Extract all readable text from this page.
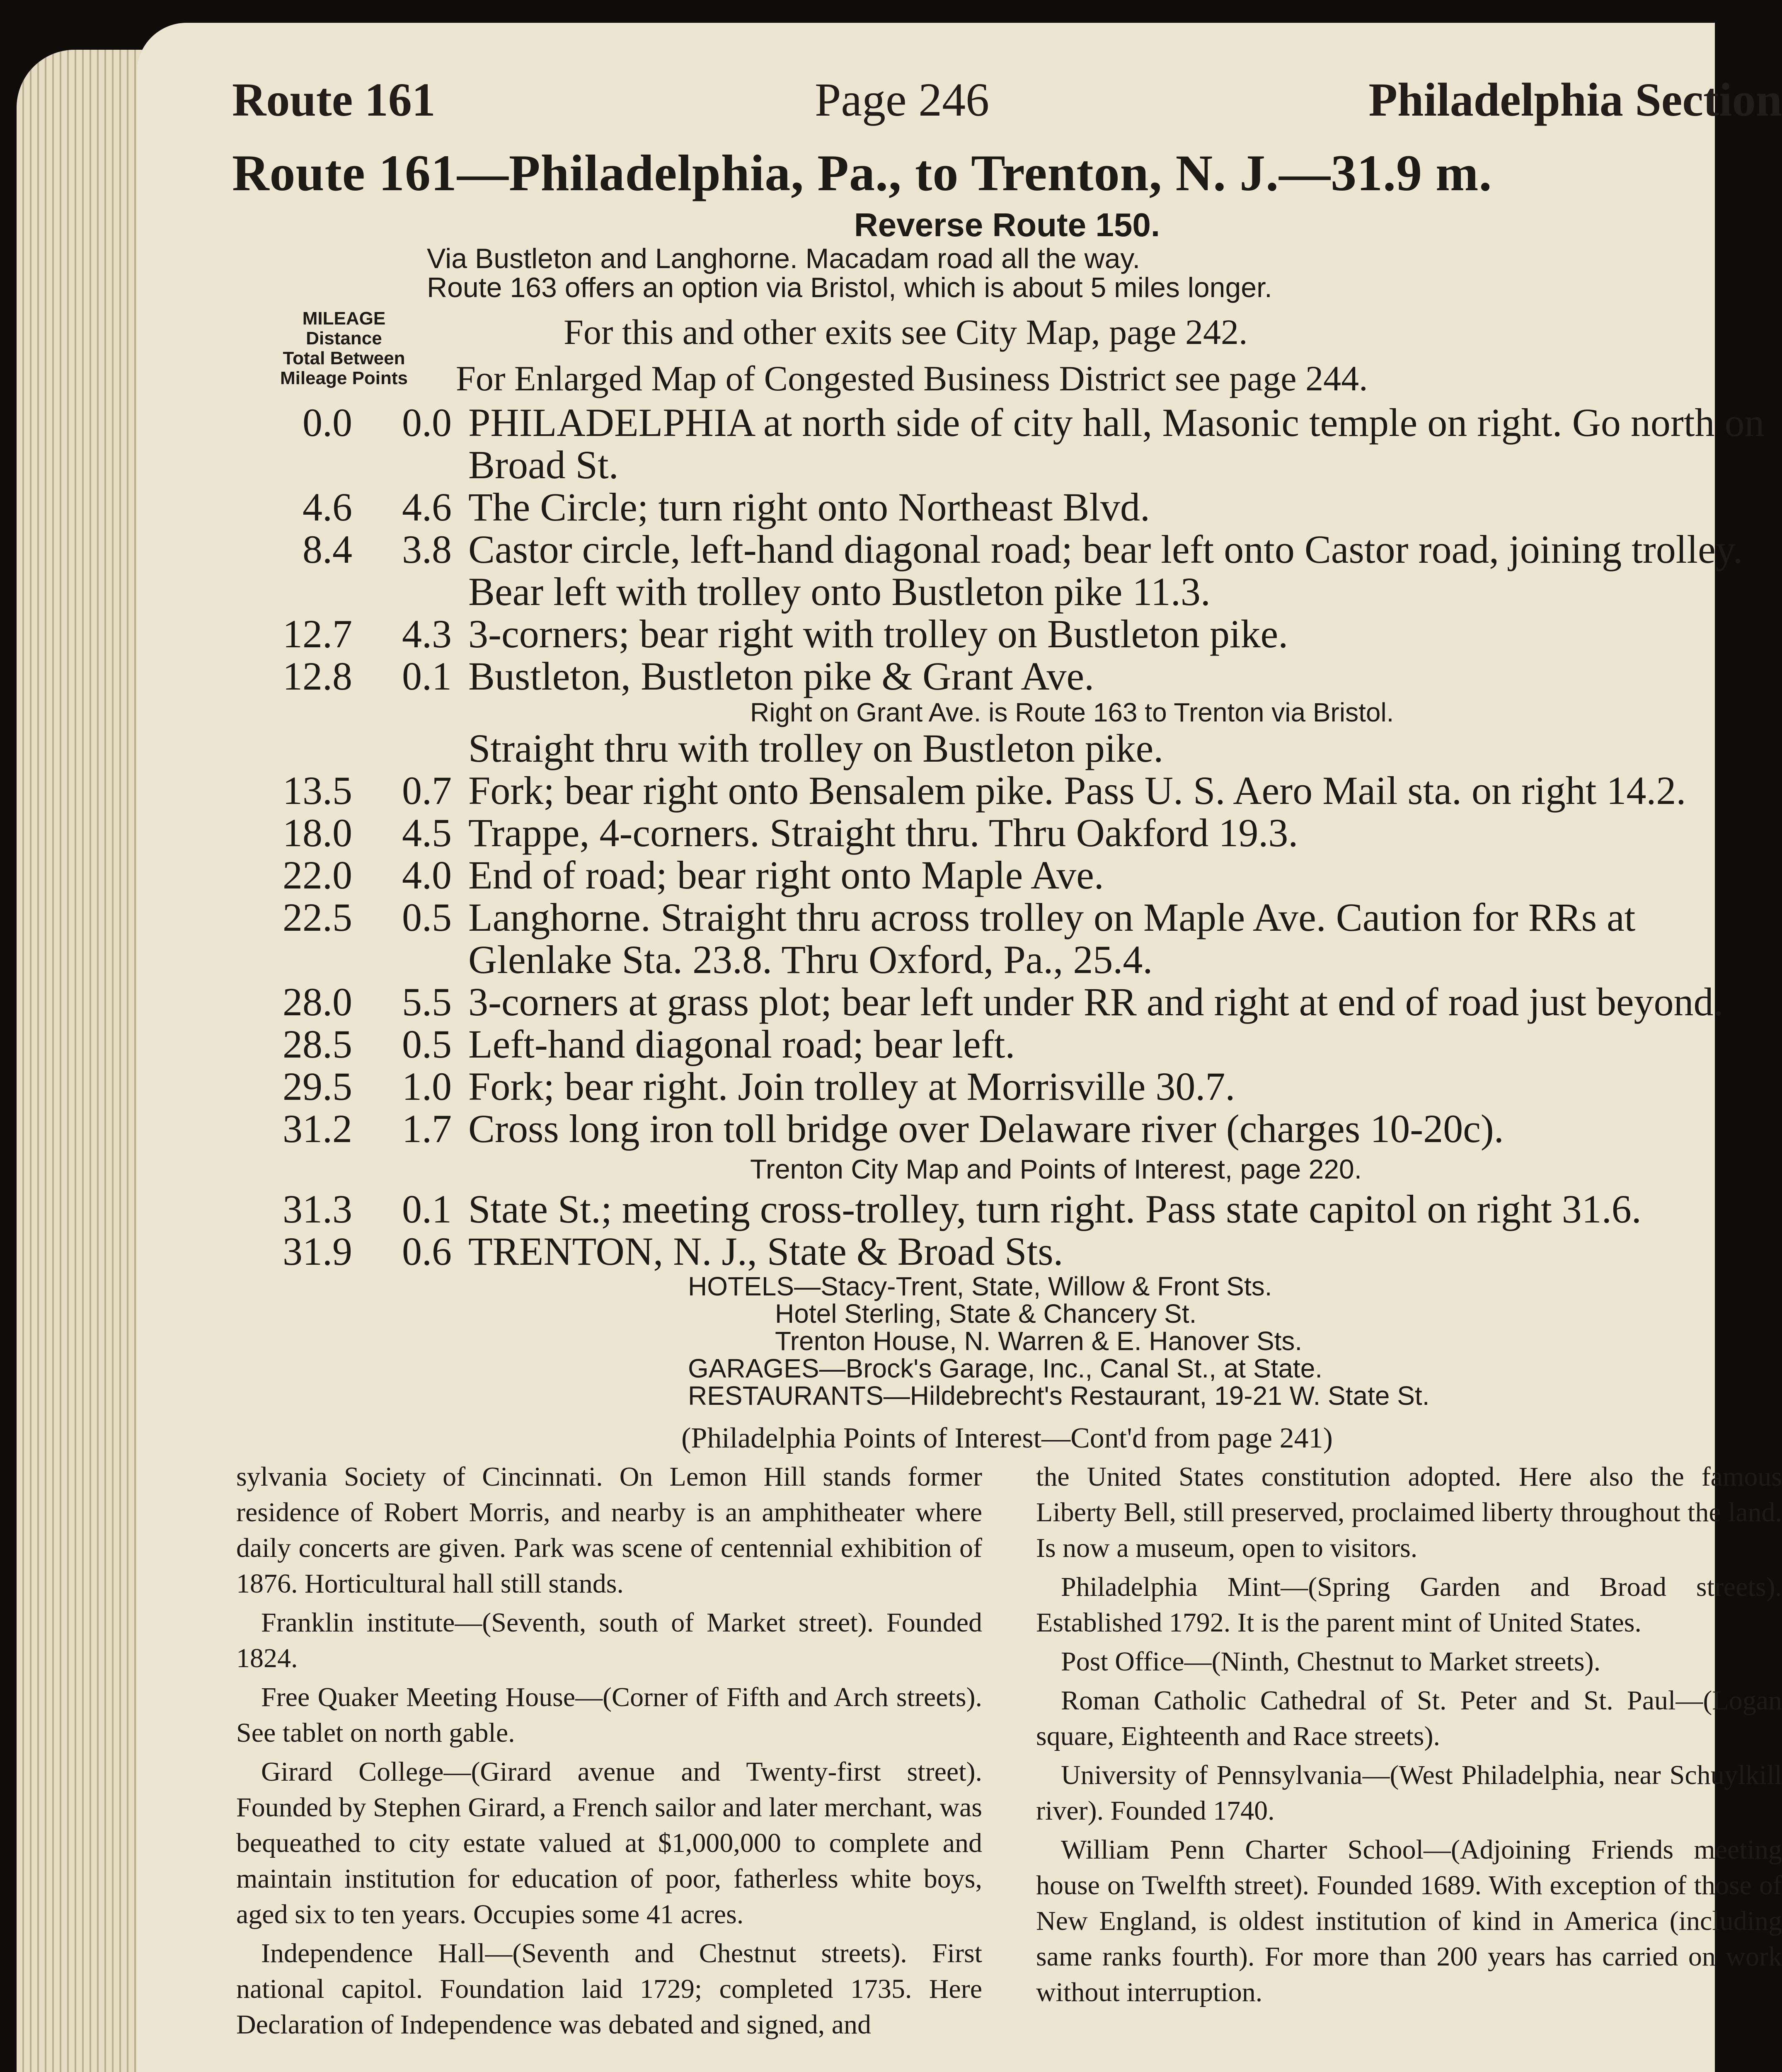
Route 161	Page 246	Philadelphia Section
Route 161—Philadelphia, Pa., to Trenton, N. J.—31.9 m.
Reverse Route 150.
Via Bustleton and Langhorne. Macadam road all the way.
Route 163 offers an option via Bristol, which is about 5 miles longer.
MILEAGE
Distance
Total Between
Mileage Points
For this and other exits see City Map, page 242.
For Enlarged Map of Congested Business District see page 244.
0.0	0.0 PHILADELPHIA at north side of city hall, Masonic temple on right. Go north on Broad St.
4.6	4.6 The Circle; turn right onto Northeast Blvd.
8.4	3.8 Castor circle, left-hand diagonal road; bear left onto Castor road, joining trolley. Bear left with trolley onto Bustleton pike 11.3.
12.7	4.3 3-corners; bear right with trolley on Bustleton pike.
12.8	0.1 Bustleton, Bustleton pike & Grant Ave.
Right on Grant Ave. is Route 163 to Trenton via Bristol.
Straight thru with trolley on Bustleton pike.
13.5	0.7 Fork; bear right onto Bensalem pike. Pass U. S. Aero Mail sta. on right 14.2.
18.0	4.5 Trappe, 4-corners. Straight thru. Thru Oakford 19.3.
22.0	4.0 End of road; bear right onto Maple Ave.
22.5	0.5 Langhorne. Straight thru across trolley on Maple Ave. Caution for RRs at Glenlake Sta. 23.8. Thru Oxford, Pa., 25.4.
28.0	5.5 3-corners at grass plot; bear left under RR and right at end of road just beyond.
28.5	0.5 Left-hand diagonal road; bear left.
29.5	1.0 Fork; bear right. Join trolley at Morrisville 30.7.
31.2	1.7 Cross long iron toll bridge over Delaware river (charges 10-20c).
Trenton City Map and Points of Interest, page 220.
31.3	0.1 State St.; meeting cross-trolley, turn right. Pass state capitol on right 31.6.
31.9	0.6 TRENTON, N. J., State & Broad Sts.
HOTELS—Stacy-Trent, State, Willow & Front Sts.
Hotel Sterling, State & Chancery St.
Trenton House, N. Warren & E. Hanover Sts.
GARAGES—Brock's Garage, Inc., Canal St., at State.
RESTAURANTS—Hildebrecht's Restaurant, 19-21 W. State St.
(Philadelphia Points of Interest—Cont'd from page 241)

sylvania Society of Cincinnati. On Lemon Hill stands former residence of Robert Morris, and nearby is an amphitheater where daily concerts are given. Park was scene of centennial exhibition of 1876. Horticultural hall still stands.

Franklin institute—(Seventh, south of Market street). Founded 1824.

Free Quaker Meeting House—(Corner of Fifth and Arch streets). See tablet on north gable.

Girard College—(Girard avenue and Twenty-first street). Founded by Stephen Girard, a French sailor and later merchant, was bequeathed to city estate valued at $1,000,000 to complete and maintain institution for education of poor, fatherless white boys, aged six to ten years. Occupies some 41 acres.

Independence Hall—(Seventh and Chestnut streets). First national capitol. Foundation laid 1729; completed 1735. Here Declaration of Independence was debated and signed, and

the United States constitution adopted. Here also the famous Liberty Bell, still preserved, proclaimed liberty throughout the land. Is now a museum, open to visitors.

Philadelphia Mint—(Spring Garden and Broad streets). Established 1792. It is the parent mint of United States.

Post Office—(Ninth, Chestnut to Market streets).

Roman Catholic Cathedral of St. Peter and St. Paul—(Logan square, Eighteenth and Race streets).

University of Pennsylvania—(West Philadelphia, near Schuylkill river). Founded 1740.

William Penn Charter School—(Adjoining Friends meeting house on Twelfth street). Founded 1689. With exception of those of New England, is oldest institution of kind in America (including same ranks fourth). For more than 200 years has carried on work without interruption.
